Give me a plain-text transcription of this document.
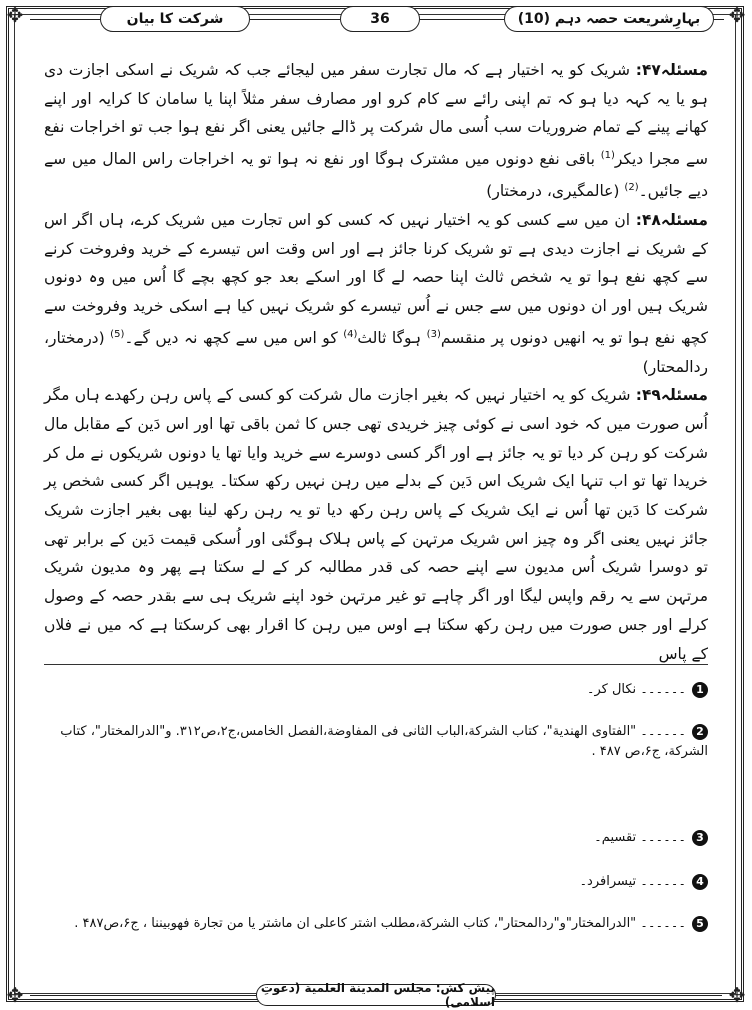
✥	✥
✥	✥
شرکت کا بیان	36	بہارِشریعت حصہ دہم (10)

مسئلہ۴۷: شریک کو یہ اختیار ہے کہ مال تجارت سفر میں لیجائے جب کہ شریک نے اسکی اجازت دی ہو یا یہ کہہ دیا ہو کہ تم اپنی رائے سے کام کرو اور مصارف سفر مثلاً اپنا یا سامان کا کرایہ اور اپنے کھانے پینے کے تمام ضروریات سب اُسی مال شرکت پر ڈالے جائیں یعنی اگر نفع ہوا جب تو اخراجات نفع سے مجرا دیکر$^{(1)}$ باقی نفع دونوں میں مشترک ہوگا اور نفع نہ ہوا تو یہ اخراجات راس المال میں سے دیے جائیں۔$^{(2)}$ (عالمگیری، درمختار)

مسئلہ۴۸: ان میں سے کسی کو یہ اختیار نہیں کہ کسی کو اس تجارت میں شریک کرے، ہاں اگر اس کے شریک نے اجازت دیدی ہے تو شریک کرنا جائز ہے اور اس وقت اس تیسرے کے خرید وفروخت کرنے سے کچھ نفع ہوا تو یہ شخص ثالث اپنا حصہ لے گا اور اسکے بعد جو کچھ بچے گا اُس میں وہ دونوں شریک ہیں اور ان دونوں میں سے جس نے اُس تیسرے کو شریک نہیں کیا ہے اسکی خرید وفروخت سے کچھ نفع ہوا تو یہ انھیں دونوں پر منقسم$^{(3)}$ ہوگا ثالث$^{(4)}$ کو اس میں سے کچھ نہ دیں گے۔$^{(5)}$ (درمختار، ردالمحتار)

مسئلہ۴۹: شریک کو یہ اختیار نہیں کہ بغیر اجازت مال شرکت کو کسی کے پاس رہن رکھدے ہاں مگر اُس صورت میں کہ خود اسی نے کوئی چیز خریدی تھی جس کا ثمن باقی تھا اور اس دَین کے مقابل مال شرکت کو رہن کر دیا تو یہ جائز ہے اور اگر کسی دوسرے سے خرید وایا تھا یا دونوں شریکوں نے مل کر خریدا تھا تو اب تنہا ایک شریک اس دَین کے بدلے میں رہن نہیں رکھ سکتا۔ یوہیں اگر کسی شخص پر شرکت کا دَین تھا اُس نے ایک شریک کے پاس رہن رکھ دیا تو یہ رہن رکھ لینا بھی بغیر اجازت شریک جائز نہیں یعنی اگر وہ چیز اس شریک مرتہن کے پاس ہلاک ہوگئی اور اُسکی قیمت دَین کے برابر تھی تو دوسرا شریک اُس مدیون سے اپنے حصہ کی قدر مطالبہ کر کے لے سکتا ہے پھر وہ مدیون شریک مرتہن سے یہ رقم واپس لیگا اور اگر چاہے تو غیر مرتہن خود اپنے شریک ہی سے بقدر حصہ کے وصول کرلے اور جس صورت میں رہن رکھ سکتا ہے اوس میں رہن کا اقرار بھی کرسکتا ہے کہ میں نے فلاں کے پاس

1۔۔۔۔۔۔ نکال کر۔
2۔۔۔۔۔۔ "الفتاوی الهندیة"، کتاب الشرکة،الباب الثانی فی المفاوضة،الفصل الخامس،ج۲،ص۳۱۲. و"الدرالمختار"، کتاب الشرکة، ج۶،ص ۴۸۷ .
3۔۔۔۔۔۔ تقسیم۔
4۔۔۔۔۔۔ تیسرافرد۔
5۔۔۔۔۔۔ "الدرالمختار"و"ردالمحتار"، کتاب الشرکة،مطلب اشتر کاعلی ان ماشتر یا من تجارة فهوبیننا ، ج۶،ص۴۸۷ .
پیش کش: مجلس المدینة العلمیة (دعوتِ اسلامی)
